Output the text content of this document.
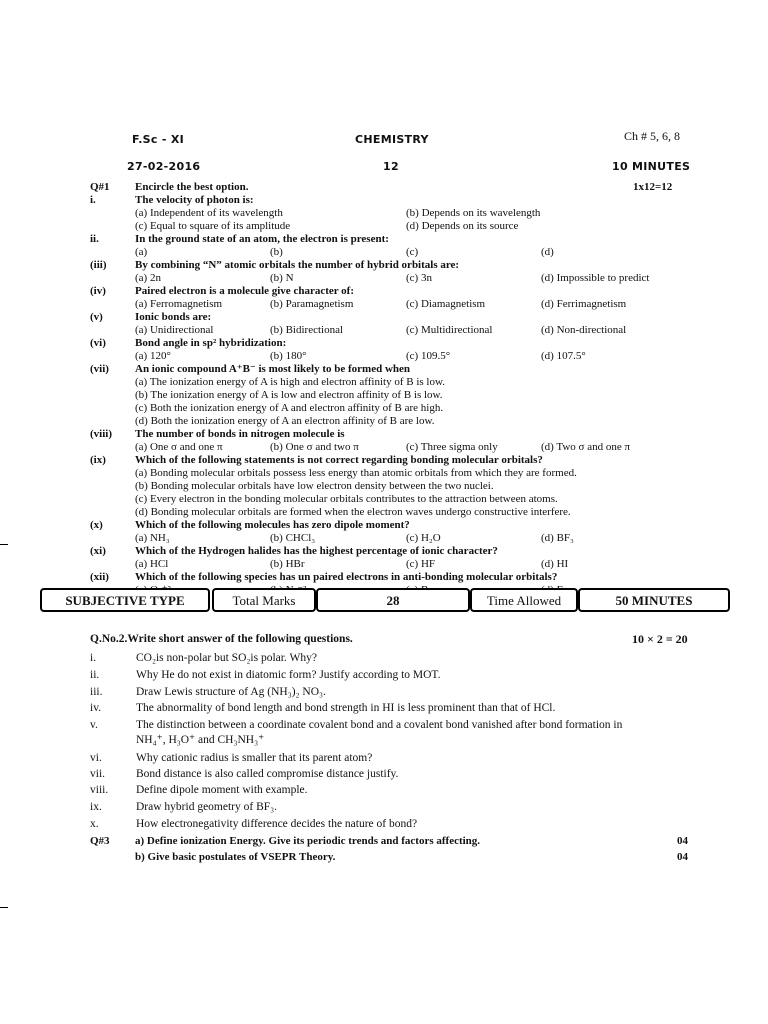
F.Sc - XI	CHEMISTRY	Ch # 5, 6, 8
27-02-2016	12	10 MINUTES
Q#1	Encircle the best option.	1x12=12
i.	The velocity of photon is:
(a) Independent of its wavelength	(b) Depends on its wavelength
(c) Equal to square of its amplitude	(d) Depends on its source
ii.	In the ground state of an atom, the electron is present:
(a)	(b)	(c)	(d)
(iii)	By combining “N” atomic orbitals the number of hybrid orbitals are:
(a) 2n	(b) N	(c) 3n	(d) Impossible to predict
(iv)	Paired electron is a molecule give character of:
(a) Ferromagnetism	(b) Paramagnetism	(c) Diamagnetism	(d) Ferrimagnetism
(v)	Ionic bonds are:
(a) Unidirectional	(b) Bidirectional	(c) Multidirectional	(d) Non-directional
(vi)	Bond angle in sp² hybridization:
(a) 120°	(b) 180°	(c) 109.5°	(d) 107.5°
(vii)	An ionic compound A⁺B⁻ is most likely to be formed when
(a) The ionization energy of A is high and electron affinity of B is low.
(b) The ionization energy of A is low and electron affinity of B is low.
(c) Both the ionization energy of A and electron affinity of B are high.
(d) Both the ionization energy of A an electron affinity of B are low.
(viii)	The number of bonds in nitrogen molecule is
(a) One σ and one π	(b) One σ and two π	(c) Three sigma only	(d) Two σ and one π
(ix)	Which of the following statements is not correct regarding bonding molecular orbitals?
(a) Bonding molecular orbitals possess less energy than atomic orbitals from which they are formed.
(b) Bonding molecular orbitals have low electron density between the two nuclei.
(c) Every electron in the bonding molecular orbitals contributes to the attraction between atoms.
(d) Bonding molecular orbitals are formed when the electron waves undergo constructive interfere.
(x)	Which of the following molecules has zero dipole moment?
(a) NH₃	(b) CHCl₃	(c) H₂O	(d) BF₃
(xi)	Which of the Hydrogen halides has the highest percentage of ionic character?
(a) HCl	(b) HBr	(c) HF	(d) HI
(xii)	Which of the following species has un paired electrons in anti-bonding molecular orbitals?
SUBJECTIVE TYPE	Total Marks	28	Time Allowed	50 MINUTES
Q.No.2.Write short answer of the following questions.	10 × 2 = 20
i.	CO₂is non-polar but SO₂is polar. Why?
ii.	Why He do not exist in diatomic form? Justify according to MOT.
iii.	Draw Lewis structure of Ag (NH₃)₂ NO₃.
iv.	The abnormality of bond length and bond strength in HI is less prominent than that of HCl.
v.	The distinction between a coordinate covalent bond and a covalent bond vanished after bond formation in
NH₄⁺, H₃O⁺ and CH₃NH₃⁺
vi.	Why cationic radius is smaller that its parent atom?
vii.	Bond distance is also called compromise distance justify.
viii. Define dipole moment with example.
ix.	Draw hybrid geometry of BF₃.
x.	How electronegativity difference decides the nature of bond?
Q#3 a) Define ionization Energy. Give its periodic trends and factors affecting.	04
b) Give basic postulates of VSEPR Theory.	04
